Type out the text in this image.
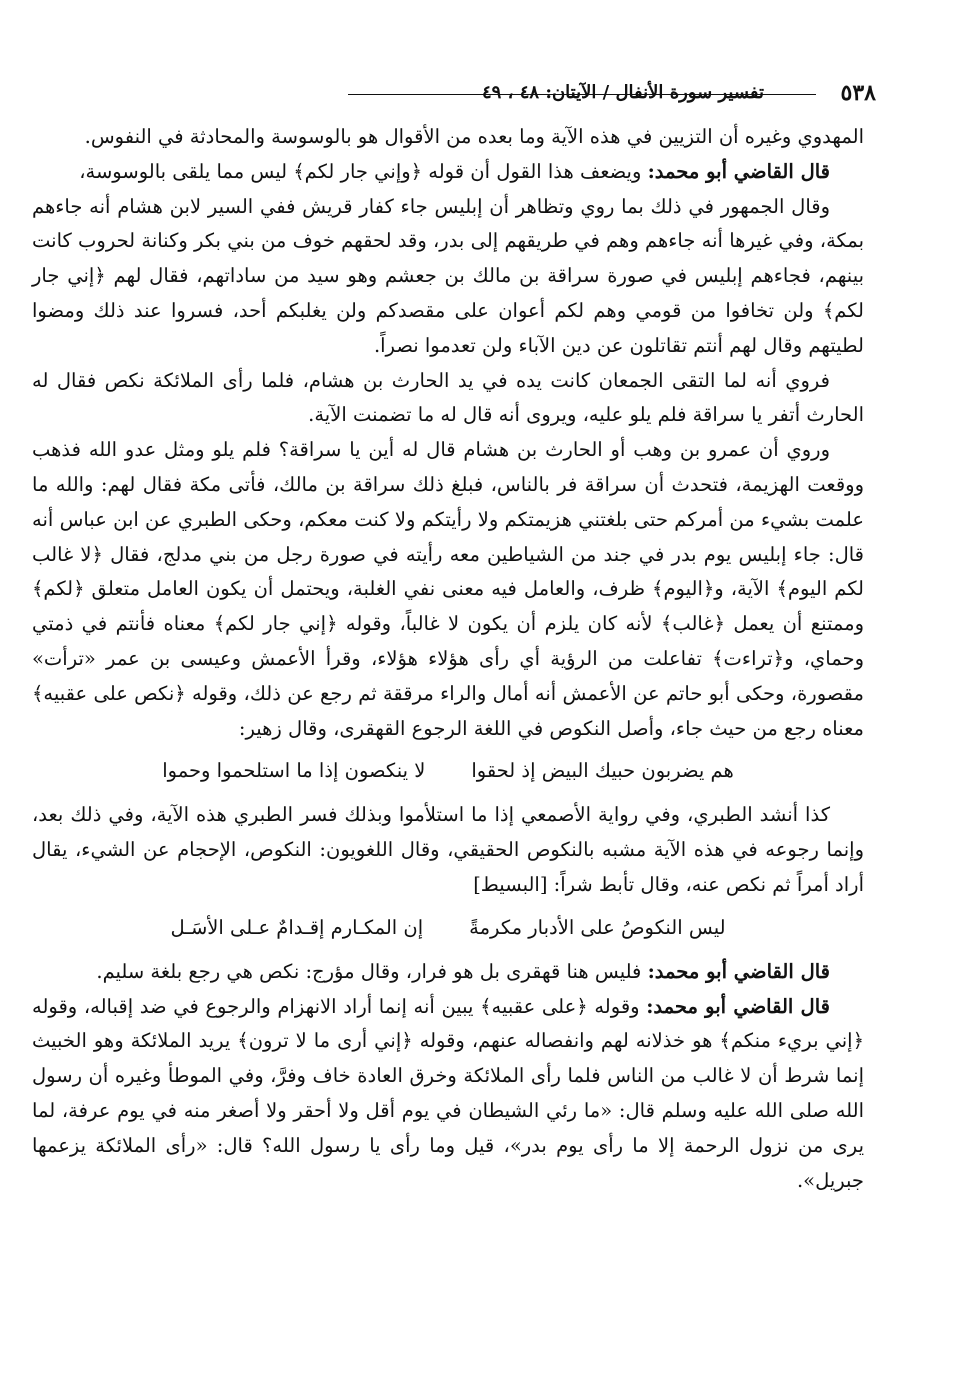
٥٣٨
تفسير سورة الأنفال / الآيتان: ٤٨ ، ٤٩

المهدوي وغيره أن التزيين في هذه الآية وما بعده من الأقوال هو بالوسوسة والمحادثة في النفوس.

قال القاضي أبو محمد: ويضعف هذا القول أن قوله ﴿وإني جار لكم﴾ ليس مما يلقى بالوسوسة،

وقال الجمهور في ذلك بما روي وتظاهر أن إبليس جاء كفار قريش ففي السير لابن هشام أنه جاءهم بمكة، وفي غيرها أنه جاءهم وهم في طريقهم إلى بدر، وقد لحقهم خوف من بني بكر وكنانة لحروب كانت بينهم، فجاءهم إبليس في صورة سراقة بن مالك بن جعشم وهو سيد من ساداتهم، فقال لهم ﴿إني جار لكم﴾ ولن تخافوا من قومي وهم لكم أعوان على مقصدكم ولن يغلبكم أحد، فسروا عند ذلك ومضوا لطيتهم وقال لهم أنتم تقاتلون عن دين الآباء ولن تعدموا نصراً.

فروي أنه لما التقى الجمعان كانت يده في يد الحارث بن هشام، فلما رأى الملائكة نكص فقال له الحارث أتفر يا سراقة فلم يلو عليه، ويروى أنه قال له ما تضمنت الآية.

وروي أن عمرو بن وهب أو الحارث بن هشام قال له أين يا سراقة؟ فلم يلو ومثل عدو الله فذهب ووقعت الهزيمة، فتحدث أن سراقة فر بالناس، فبلغ ذلك سراقة بن مالك، فأتى مكة فقال لهم: والله ما علمت بشيء من أمركم حتى بلغتني هزيمتكم ولا رأيتكم ولا كنت معكم، وحكى الطبري عن ابن عباس أنه قال: جاء إبليس يوم بدر في جند من الشياطين معه رأيته في صورة رجل من بني مدلج، فقال ﴿لا غالب لكم اليوم﴾ الآية، و﴿اليوم﴾ ظرف، والعامل فيه معنى نفي الغلبة، ويحتمل أن يكون العامل متعلق ﴿لكم﴾ وممتنع أن يعمل ﴿غالب﴾ لأنه كان يلزم أن يكون لا غالباً، وقوله ﴿إني جار لكم﴾ معناه فأنتم في ذمتي وحماي، و﴿تراءت﴾ تفاعلت من الرؤية أي رأى هؤلاء هؤلاء، وقرأ الأعمش وعيسى بن عمر «ترأت» مقصورة، وحكى أبو حاتم عن الأعمش أنه أمال والراء مرققة ثم رجع عن ذلك، وقوله ﴿نكص على عقبيه﴾ معناه رجع من حيث جاء، وأصل النكوص في اللغة الرجوع القهقرى، وقال زهير:

هم يضربون حبيك البيض إذ لحقوا
لا ينكصون إذا ما استلحموا وحموا

كذا أنشد الطبري، وفي رواية الأصمعي إذا ما استلأموا وبذلك فسر الطبري هذه الآية، وفي ذلك بعد، وإنما رجوعه في هذه الآية مشبه بالنكوص الحقيقي، وقال اللغويون: النكوص، الإحجام عن الشيء، يقال أراد أمراً ثم نكص عنه، وقال تأبط شراً: [البسيط]

ليس النكوصُ على الأدبار مكرمةً
إن المكـارم إقـدامٌ عـلى الأسَـل

قال القاضي أبو محمد: فليس هنا قهقرى بل هو فرار، وقال مؤرج: نكص هي رجع بلغة سليم.

قال القاضي أبو محمد: وقوله ﴿على عقبيه﴾ يبين أنه إنما أراد الانهزام والرجوع في ضد إقباله، وقوله ﴿إني بريء منكم﴾ هو خذلانه لهم وانفصاله عنهم، وقوله ﴿إني أرى ما لا ترون﴾ يريد الملائكة وهو الخبيث إنما شرط أن لا غالب من الناس فلما رأى الملائكة وخرق العادة خاف وفرَّ، وفي الموطأ وغيره أن رسول الله صلى الله عليه وسلم قال: «ما رئي الشيطان في يوم أقل ولا أحقر ولا أصغر منه في يوم عرفة، لما يرى من نزول الرحمة إلا ما رأى يوم بدر»، قيل وما رأى يا رسول الله؟ قال: «رأى الملائكة يزعمها جبريل».
